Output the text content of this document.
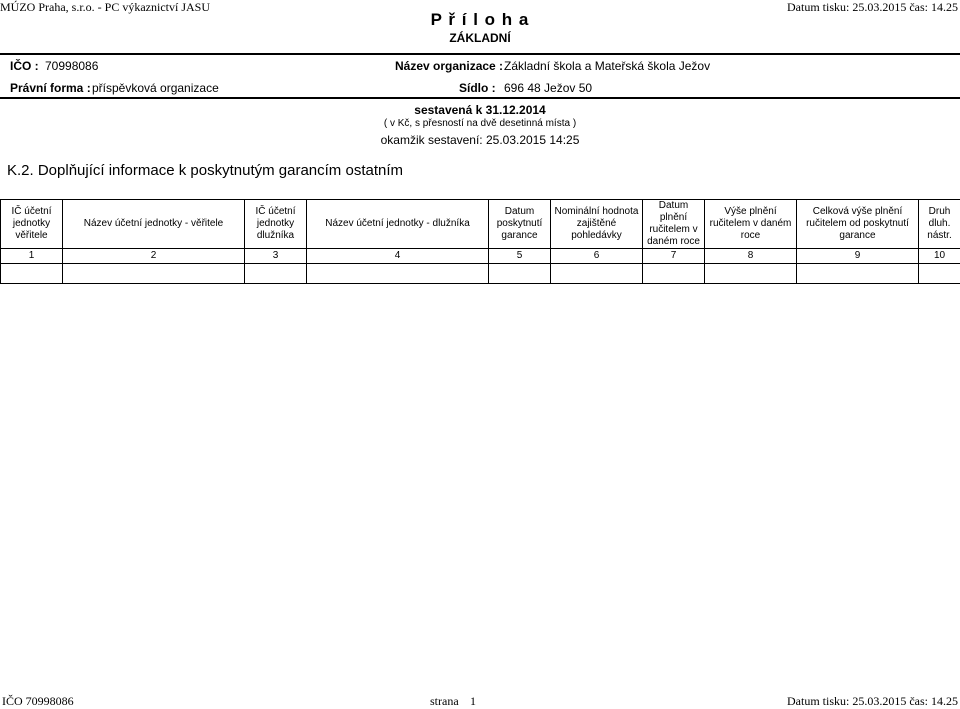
MÚZO Praha, s.r.o. - PC výkaznictví JASU	Datum tisku: 25.03.2015 čas: 14.25
P ř í l o h a
ZÁKLADNÍ
IČO : 70998086	Název organizace : Základní škola a Mateřská škola Ježov
Právní forma : příspěvková organizace	Sídlo : 696 48 Ježov 50
sestavená k 31.12.2014
( v Kč, s přesností na dvě desetinná místa )
okamžik sestavení: 25.03.2015 14:25
K.2. Doplňující informace k poskytnutým garancím ostatním
IČ účetní jednotky věřitele	Název účetní jednotky - věřitele	IČ účetní jednotky dlužníka	Název účetní jednotky - dlužníka	Datum poskytnutí garance	Nominální hodnota zajištěné pohledávky	Datum plnění ručitelem v daném roce	Výše plnění ručitelem v daném roce	Celková výše plnění ručitelem od poskytnutí garance	Druh dluh. nástr.
1	2	3	4	5	6	7	8	9	10

IČO 70998086	strana 1	Datum tisku: 25.03.2015 čas: 14.25
